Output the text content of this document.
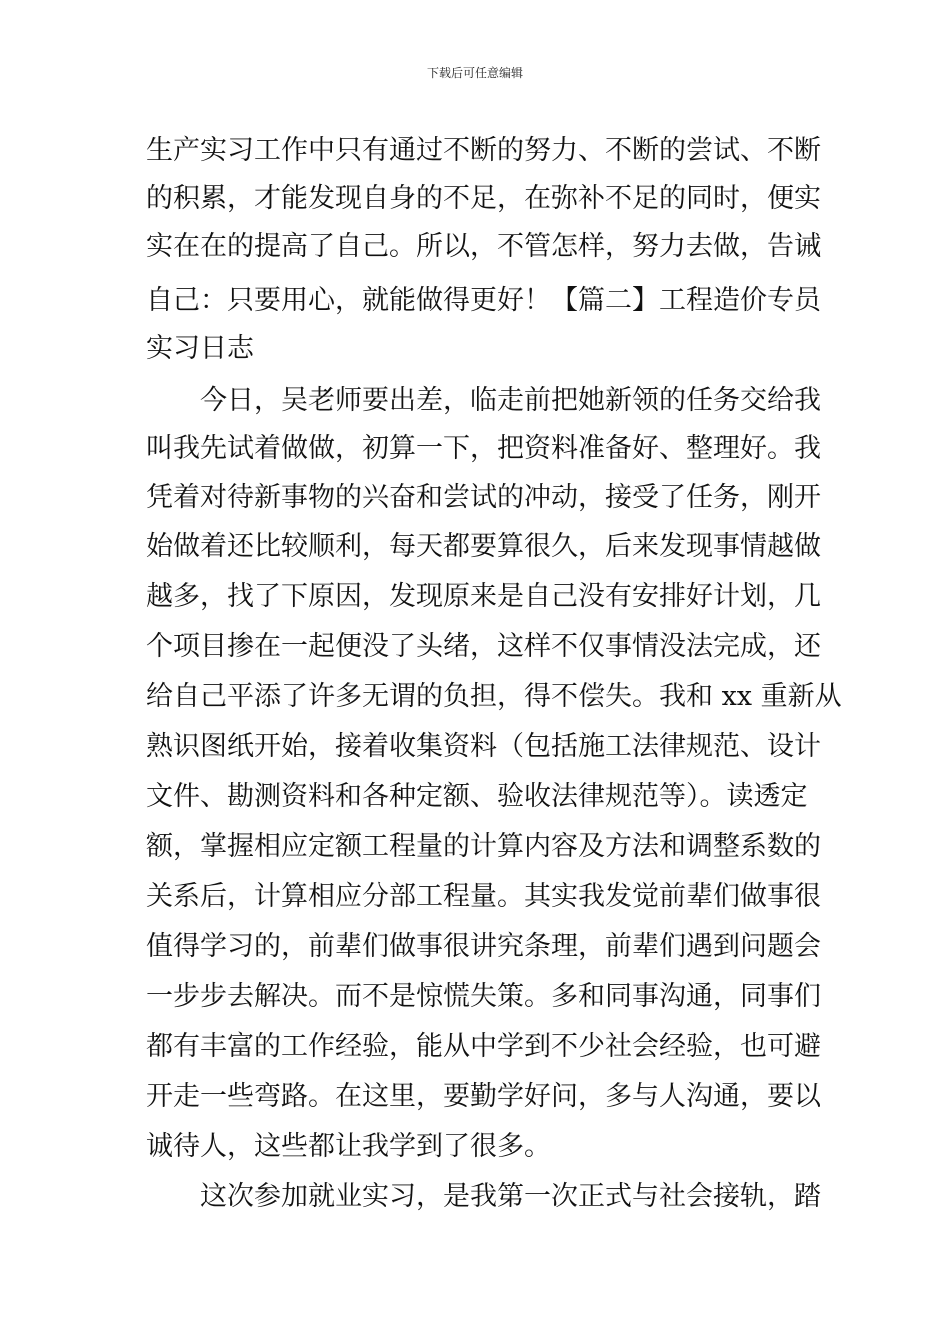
下载后可任意编辑
生产实习工作中只有通过不断的努力、不断的尝试、不断
的积累，才能发现自身的不足，在弥补不足的同时，便实
实在在的提高了自己。所以，不管怎样，努力去做，告诫
自己：只要用心，就能做得更好！【篇二】工程造价专员
实习日志
今日，吴老师要出差，临走前把她新领的任务交给我
叫我先试着做做，初算一下，把资料准备好、整理好。我
凭着对待新事物的兴奋和尝试的冲动，接受了任务，刚开
始做着还比较顺利，每天都要算很久，后来发现事情越做
越多，找了下原因，发现原来是自己没有安排好计划，几
个项目掺在一起便没了头绪，这样不仅事情没法完成，还
给自己平添了许多无谓的负担，得不偿失。我和 xx 重新从
熟识图纸开始，接着收集资料（包括施工法律规范、设计
文件、勘测资料和各种定额、验收法律规范等）。读透定
额，掌握相应定额工程量的计算内容及方法和调整系数的
关系后，计算相应分部工程量。其实我发觉前辈们做事很
值得学习的，前辈们做事很讲究条理，前辈们遇到问题会
一步步去解决。而不是惊慌失策。多和同事沟通，同事们
都有丰富的工作经验，能从中学到不少社会经验，也可避
开走一些弯路。在这里，要勤学好问，多与人沟通，要以
诚待人，这些都让我学到了很多。
这次参加就业实习，是我第一次正式与社会接轨，踏
